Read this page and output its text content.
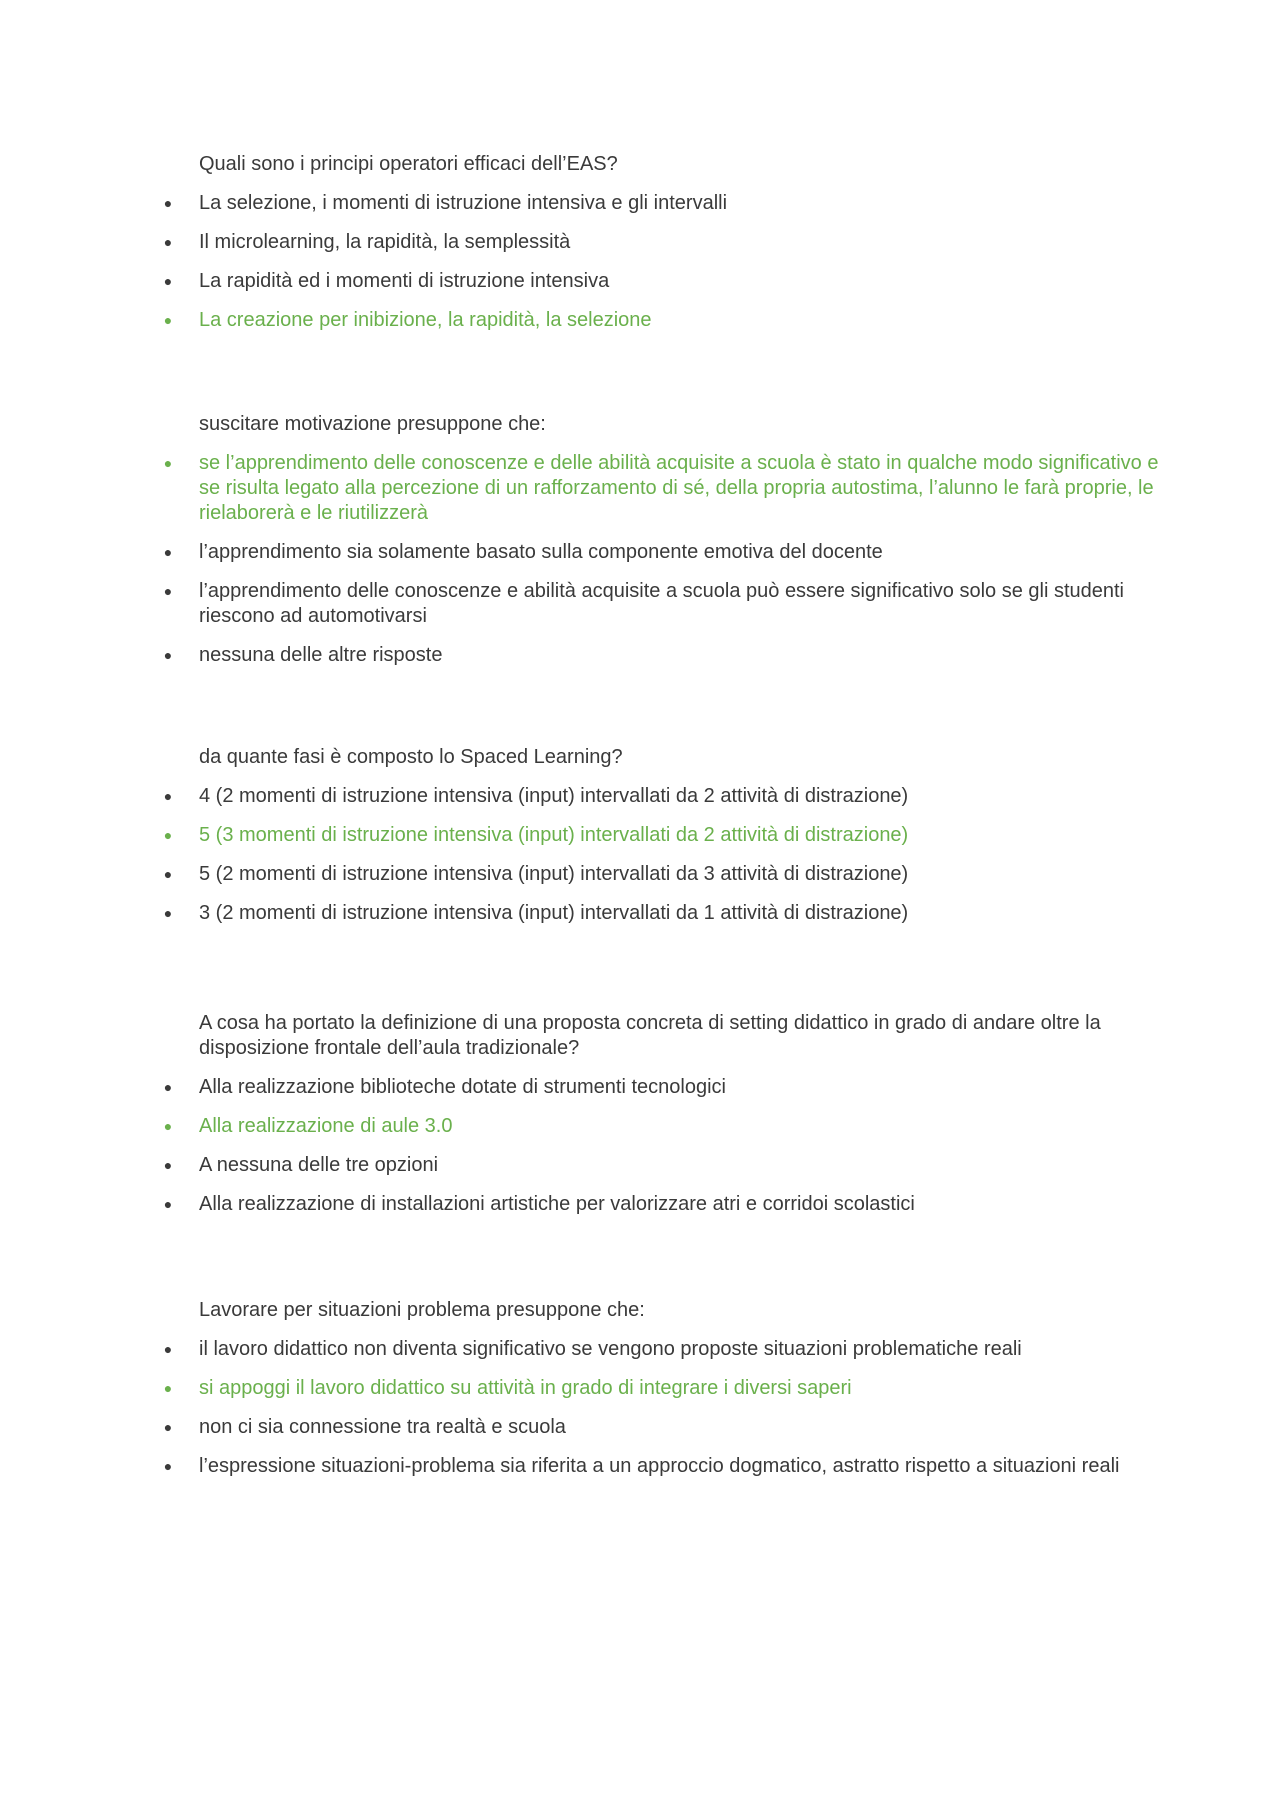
Quali sono i principi operatori efficaci dell’EAS?
● La selezione, i momenti di istruzione intensiva e gli intervalli
● Il microlearning, la rapidità, la semplessità
● La rapidità ed i momenti di istruzione intensiva
● La creazione per inibizione, la rapidità, la selezione
suscitare motivazione presuppone che:
● se l’apprendimento delle conoscenze e delle abilità acquisite a scuola è stato in qualche modo significativo e se risulta legato alla percezione di un rafforzamento di sé, della propria autostima, l’alunno le farà proprie, le rielaborerà e le riutilizzerà
● l’apprendimento sia solamente basato sulla componente emotiva del docente
● l’apprendimento delle conoscenze e abilità acquisite a scuola può essere significativo solo se gli studenti riescono ad automotivarsi
● nessuna delle altre risposte
da quante fasi è composto lo Spaced Learning?
● 4 (2 momenti di istruzione intensiva (input) intervallati da 2 attività di distrazione)
● 5 (3 momenti di istruzione intensiva (input) intervallati da 2 attività di distrazione)
● 5 (2 momenti di istruzione intensiva (input) intervallati da 3 attività di distrazione)
● 3 (2 momenti di istruzione intensiva (input) intervallati da 1 attività di distrazione)
A cosa ha portato la definizione di una proposta concreta di setting didattico in grado di andare oltre la disposizione frontale dell’aula tradizionale?
● Alla realizzazione biblioteche dotate di strumenti tecnologici
● Alla realizzazione di aule 3.0
● A nessuna delle tre opzioni
● Alla realizzazione di installazioni artistiche per valorizzare atri e corridoi scolastici
Lavorare per situazioni problema presuppone che:
● il lavoro didattico non diventa significativo se vengono proposte situazioni problematiche reali
● si appoggi il lavoro didattico su attività in grado di integrare i diversi saperi
● non ci sia connessione tra realtà e scuola
● l’espressione situazioni-problema sia riferita a un approccio dogmatico, astratto rispetto a situazioni reali
